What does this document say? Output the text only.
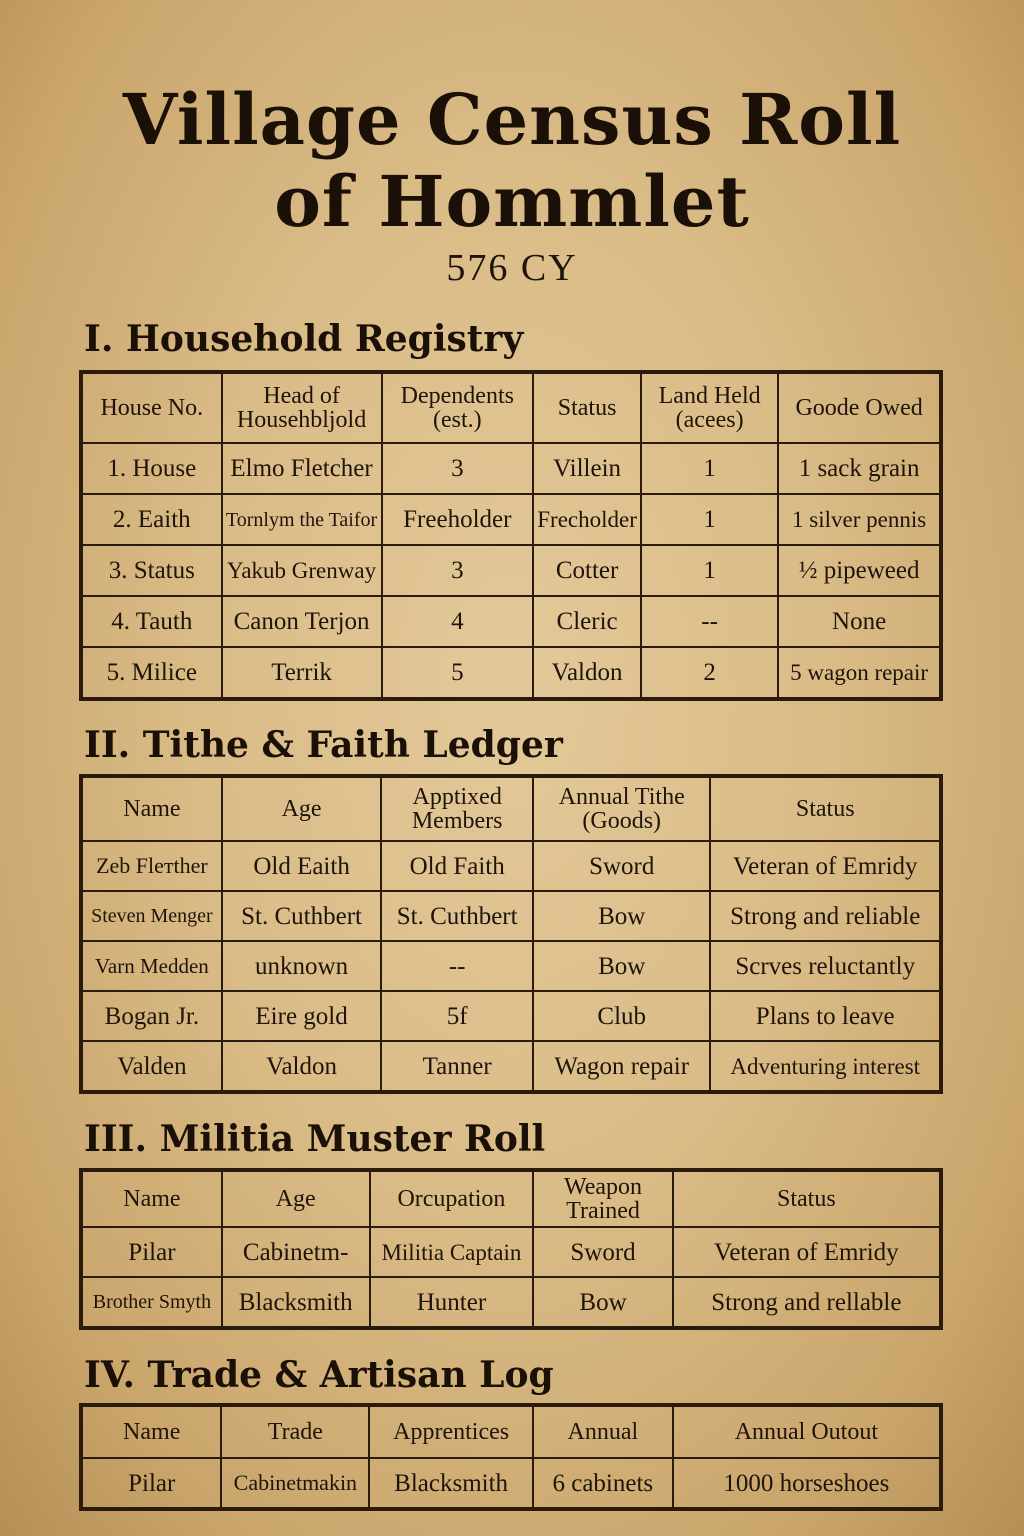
Village Census Roll
of Hommlet
576 CY
I. Household Registry
House No.	Head of Househbljold	Dependents (est.)	Status	Land Held (acees)	Goode Owed
1. House	Elmo Fletcher	3	Villein	1	1 sack grain
2. Eaith	Tornlym the Taifor	Freeholder	Frecholder	1	1 silver pennis
3. Status	Yakub Grenway	3	Cotter	1	½ pipeweed
4. Tauth	Canon Terjon	4	Cleric	--	None
5. Milice	Terrik	5	Valdon	2	5 wagon repair
II. Tithe & Faith Ledger
Name	Age	Apptixed Members	Annual Tithe (Goods)	Status
Zeb Flетther	Old Eaith	Old Faith	Sword	Veteran of Emridy
Steven Menger	St. Cuthbert	St. Cuthbert	Bow	Strong and reliable
Varn Medden	unknown	--	Bow	Scrves reluctantly
Bogan Jr.	Eire gold	5f	Club	Plans to leave
Valden	Valdon	Tanner	Wagon repair	Adventuring interest
III. Militia Muster Roll
Name	Age	Orcupation	Weapon Trained	Status
Pilar	Cabinetm-	Militia Captain	Sword	Veteran of Emridy
Brother Smyth	Blacksmith	Hunter	Bow	Strong and rellable
IV. Trade & Artisan Log
Name	Trade	Apprentices	Annual	Annual Outout
Pilar	Cabinetmakin	Blacksmith	6 cabinets	1000 horseshoes
